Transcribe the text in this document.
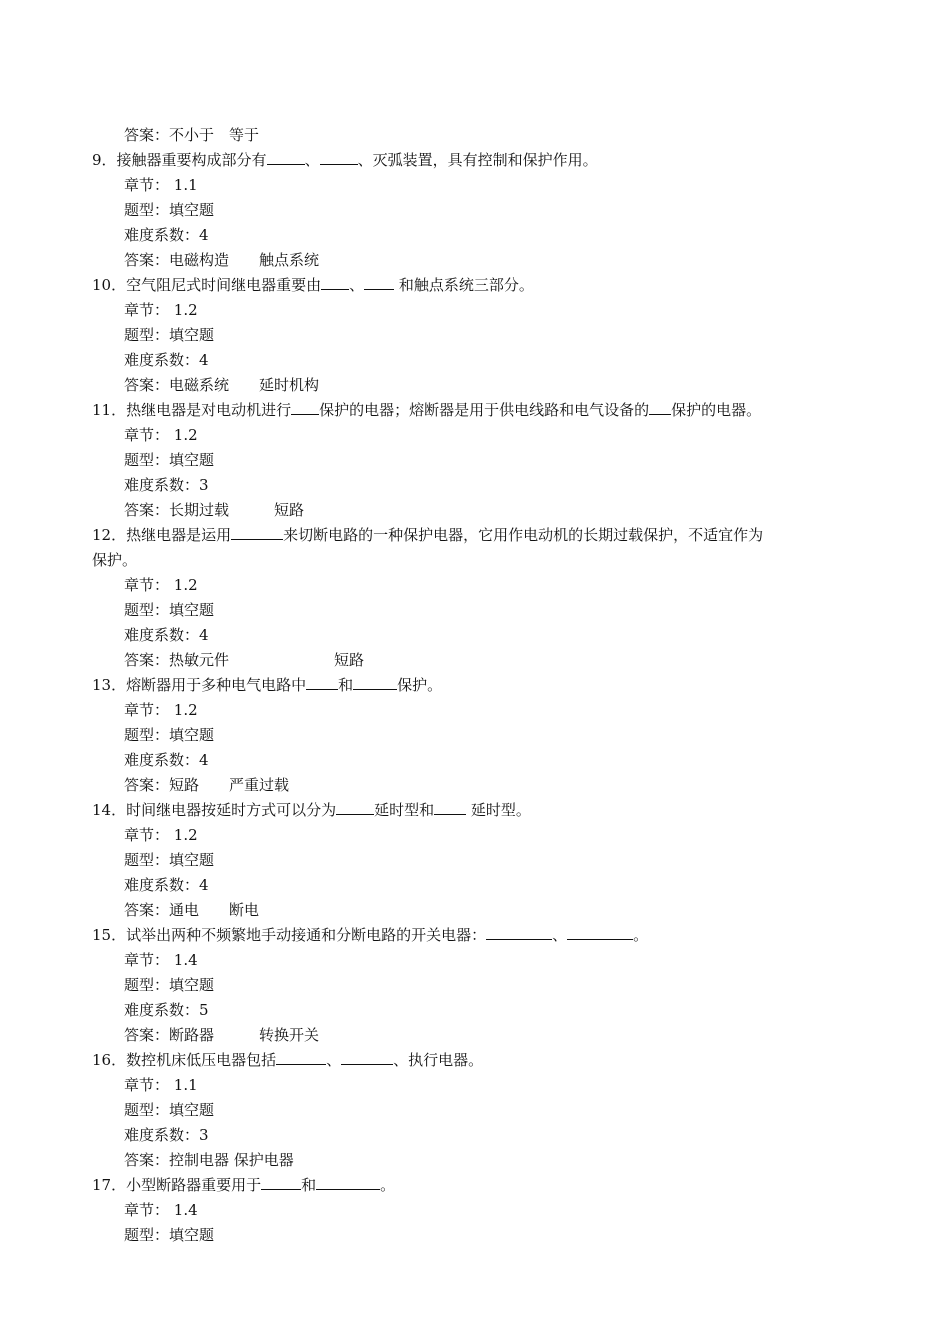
答案：不小于　等于
9．接触器重要构成部分有	、	、灭弧装置，具有控制和保护作用。
章节： 1.1
题型：填空题
难度系数：4
答案：电磁构造　　触点系统
10．空气阻尼式时间继电器重要由 、 和触点系统三部分。
章节： 1.2
题型：填空题
难度系数：4
答案：电磁系统　　延时机构
11．热继电器是对电动机进行 保护的电器；熔断器是用于供电线路和电气设备的 保护的电器。
章节： 1.2
题型：填空题
难度系数：3
答案：长期过载　　　短路
12．热继电器是运用	来切断电路的一种保护电器，它用作电动机的长期过载保护，不适宜作为
保护。
章节： 1.2
题型：填空题
难度系数：4
答案：热敏元件　　　　　　　短路
13．熔断器用于多种电气电路中 和	保护。
章节： 1.2
题型：填空题
难度系数：4
答案：短路　　严重过载
14．时间继电器按延时方式可以分为	延时型和 延时型。
章节： 1.2
题型：填空题
难度系数：4
答案：通电　　断电
15．试举出两种不频繁地手动接通和分断电路的开关电器：	、	。
章节： 1.4
题型：填空题
难度系数：5
答案：断路器　　　转换开关
16．数控机床低压电器包括	、	、执行电器。
章节： 1.1
题型：填空题
难度系数：3
答案：控制电器 保护电器
17．小型断路器重要用于	和	。
章节： 1.4
题型：填空题
